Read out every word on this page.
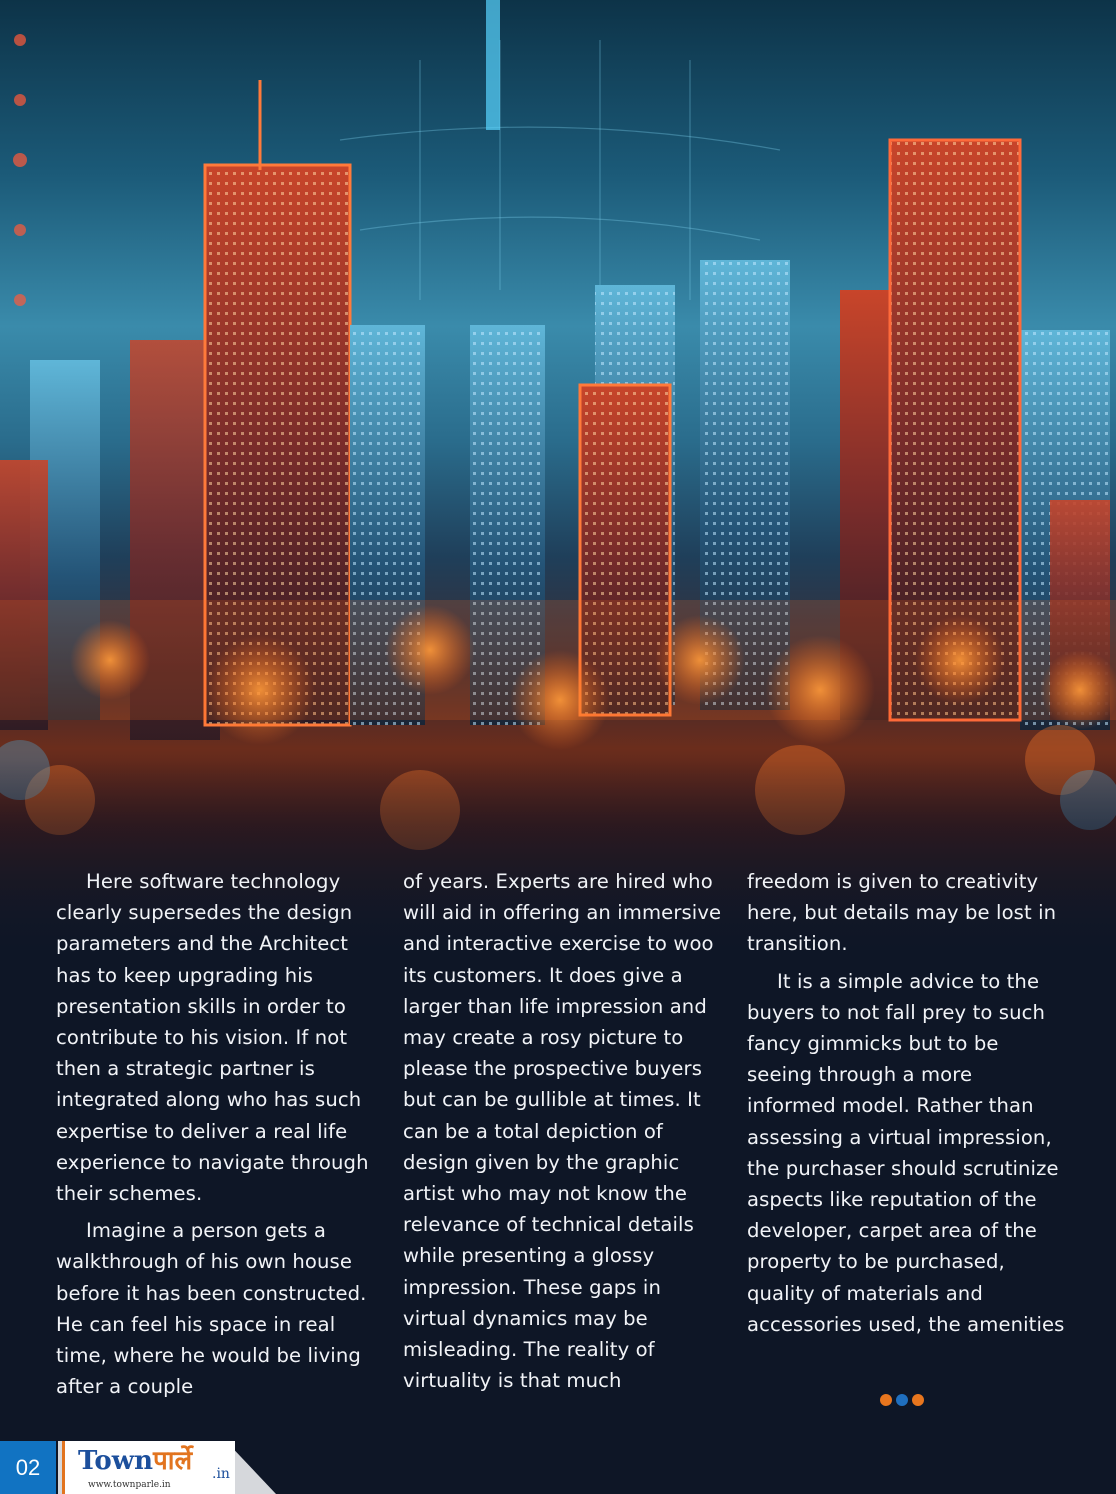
Here software technology clearly supersedes the design parameters and the Architect has to keep upgrading his presentation skills in order to contribute to his vision. If not then a strategic partner is integrated along who has such expertise to deliver a real life experience to navigate through their schemes.

Imagine a person gets a walkthrough of his own house before it has been constructed. He can feel his space in real time, where he would be living after a couple

of years. Experts are hired who will aid in offering an immersive and interactive exercise to woo its customers. It does give a larger than life impression and may create a rosy picture to please the prospective buyers but can be gullible at times. It can be a total depiction of design given by the graphic artist who may not know the relevance of technical details while presenting a glossy impression. These gaps in virtual dynamics may be misleading. The reality of virtuality is that much

freedom is given to creativity here, but details may be lost in transition.

It is a simple advice to the buyers to not fall prey to such fancy gimmicks but to be seeing through a more informed model. Rather than assessing a virtual impression, the purchaser should scrutinize aspects like reputation of the developer, carpet area of the property to be purchased, quality of materials and accessories used, the amenities

02	Townपार्ले .in
www.townparle.in
